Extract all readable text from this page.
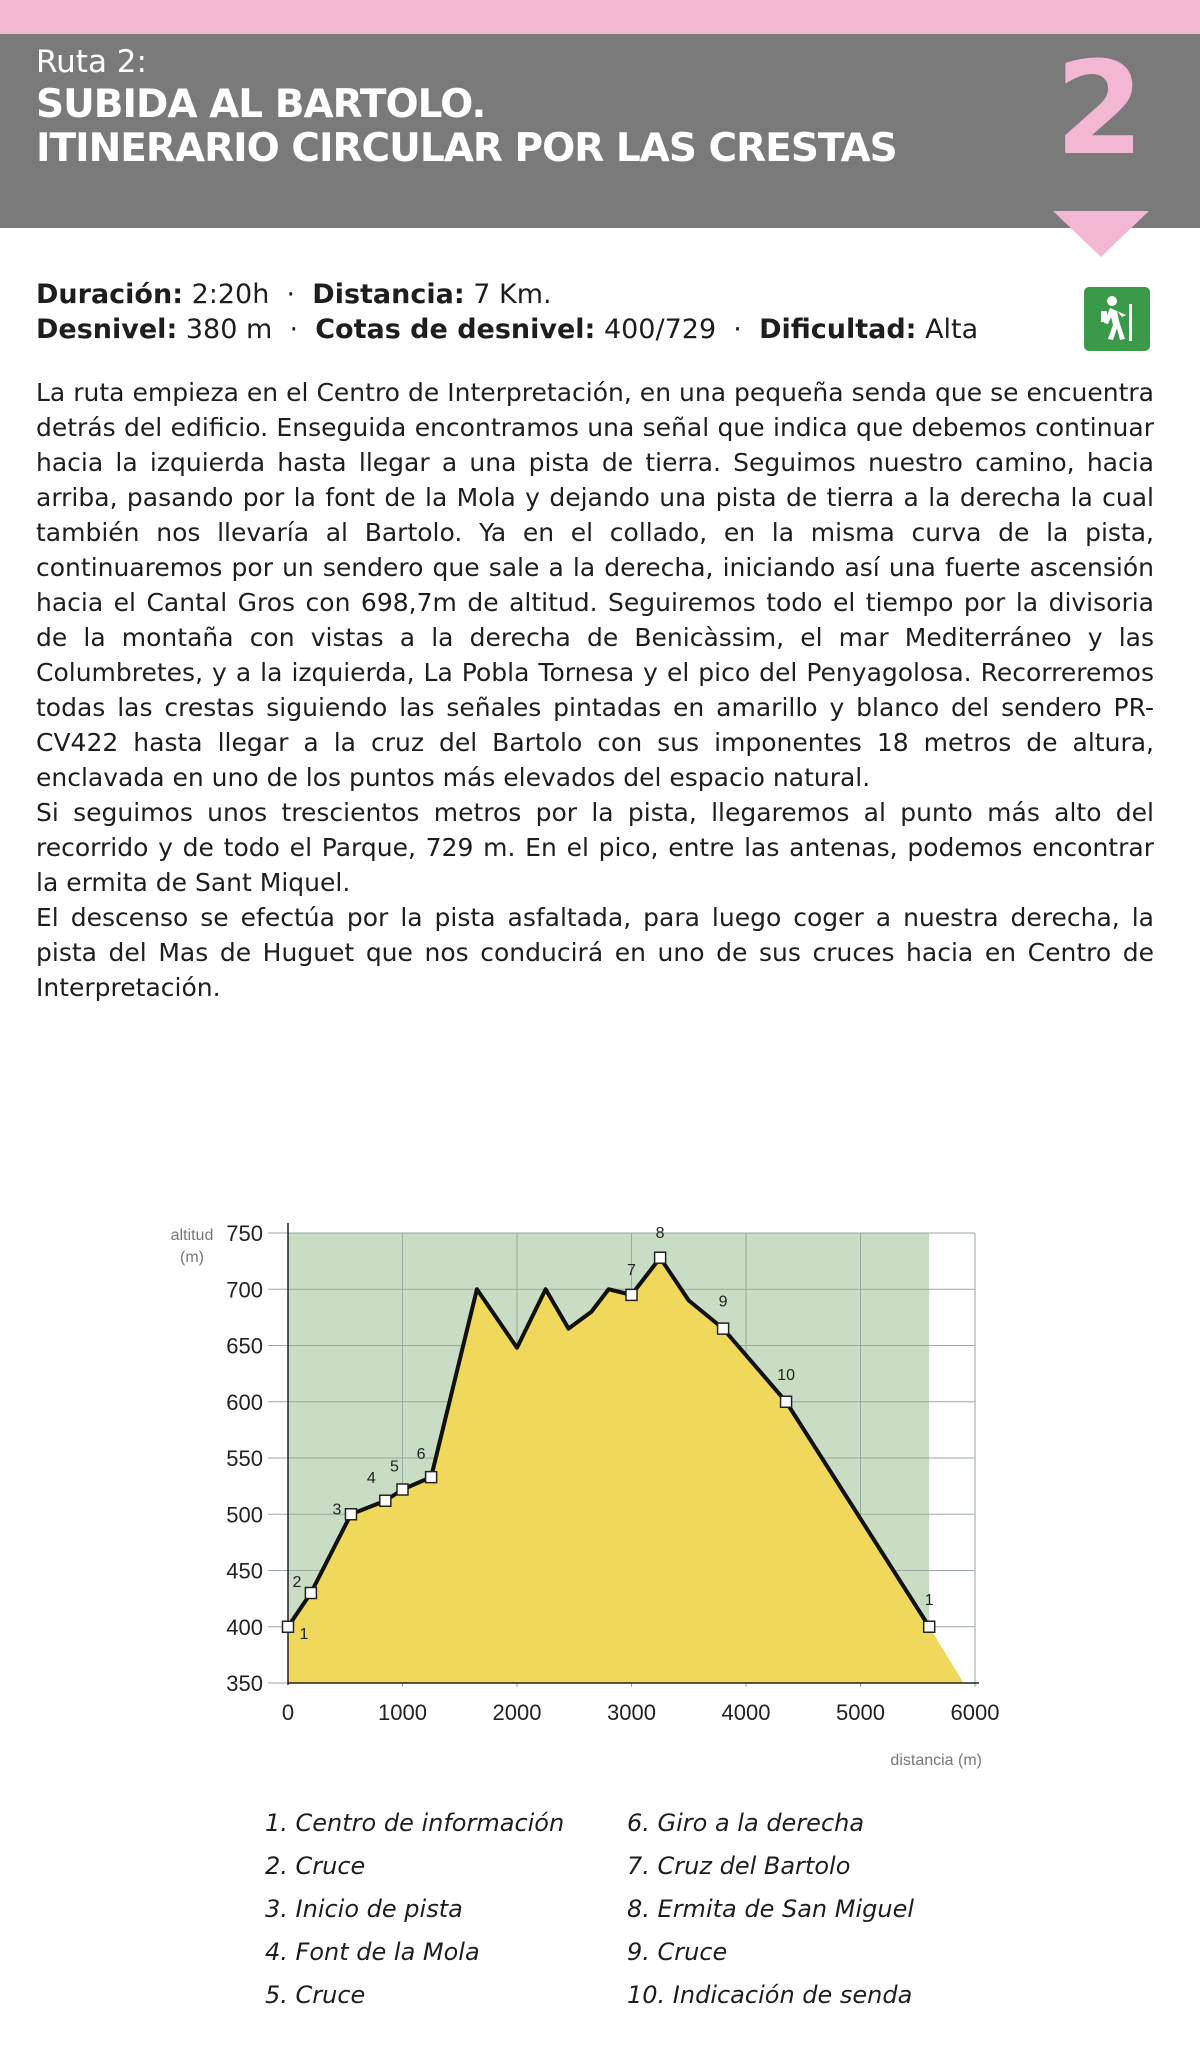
Ruta 2:
SUBIDA AL BARTOLO.
ITINERARIO CIRCULAR POR LAS CRESTAS 2
Duración: 2:20h · Distancia: 7 Km.
Desnivel: 380 m · Cotas de desnivel: 400/729 · Dificultad: Alta

La ruta empieza en el Centro de Interpretación, en una pequeña senda que se encuentra detrás del edificio. Enseguida encontramos una señal que indica que debemos continuar hacia la izquierda hasta llegar a una pista de tierra. Seguimos nuestro camino, hacia arriba, pasando por la font de la Mola y dejando una pista de tierra a la derecha la cual también nos llevaría al Bartolo. Ya en el collado, en la misma curva de la pista, continuaremos por un sendero que sale a la derecha, iniciando así una fuerte ascensión hacia el Cantal Gros con 698,7m de altitud. Seguiremos todo el tiempo por la divisoria de la montaña con vistas a la derecha de Benicàssim, el mar Mediterráneo y las Columbretes, y a la izquierda, La Pobla Tornesa y el pico del Penyagolosa. Recorreremos todas las crestas siguiendo las señales pintadas en amarillo y blanco del sendero PR-CV422 hasta llegar a la cruz del Bartolo con sus imponentes 18 metros de altura, enclavada en uno de los puntos más elevados del espacio natural.

Si seguimos unos trescientos metros por la pista, llegaremos al punto más alto del recorrido y de todo el Parque, 729 m. En el pico, entre las antenas, podemos encontrar la ermita de Sant Miquel.

El descenso se efectúa por la pista asfaltada, para luego coger a nuestra derecha, la pista del Mas de Huguet que nos conducirá en uno de sus cruces hacia en Centro de Interpretación.

350
400
450
500
550
600
650
700
750
0	1000	2000	3000	4000	5000	6000
altitud
(m)
distancia (m)
1
2
3
4
5
6
7
8
9
10
1
1. Centro de información
2. Cruce
3. Inicio de pista
4. Font de la Mola
5. Cruce
6. Giro a la derecha
7. Cruz del Bartolo
8. Ermita de San Miguel
9. Cruce
10. Indicación de senda
